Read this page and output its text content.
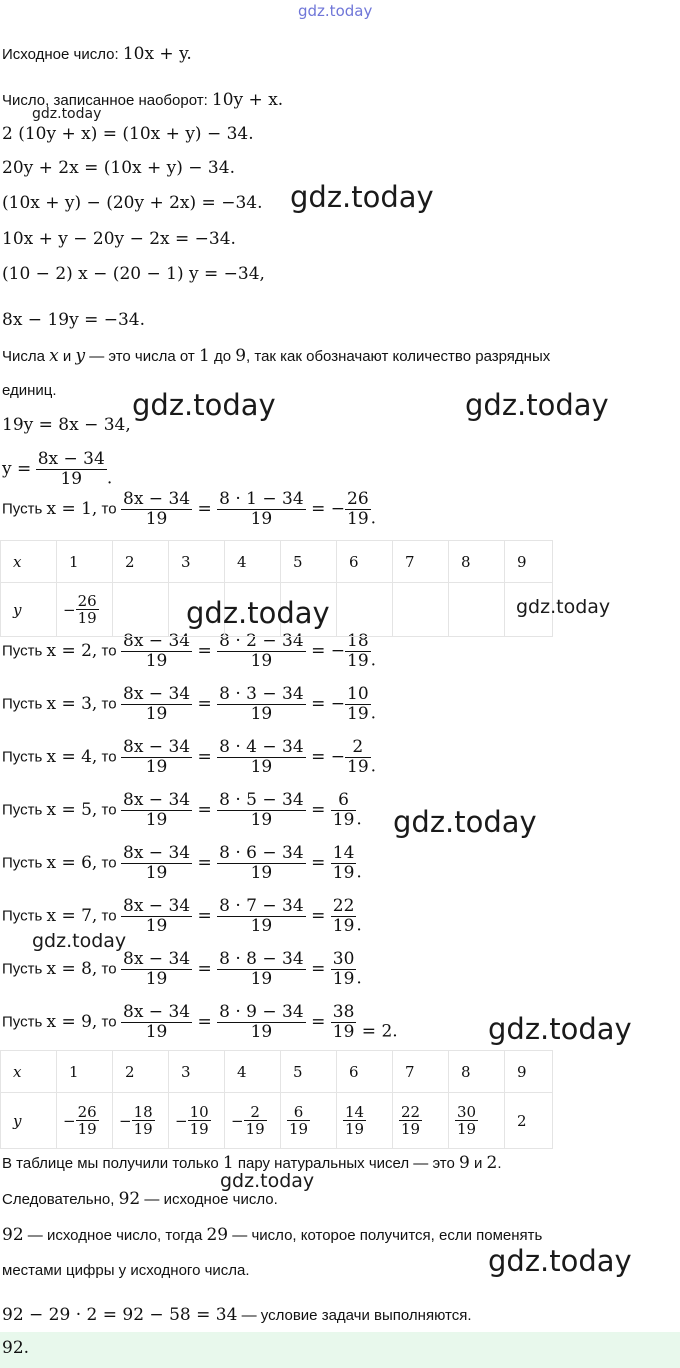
gdz.today
Исходное число: 10x + y.
Число, записанное наоборот: 10y + x.
gdz.today
2 (10y + x) = (10x + y) − 34.
20y + 2x = (10x + y) − 34.
(10x + y) − (20y + 2x) = −34. gdz.today
10x + y − 20y − 2x = −34.
(10 − 2) x − (20 − 1) y = −34,
8x − 19y = −34.
Числа x и y — это числа от 1 до 9, так как обозначают количество разрядных
единиц.	gdz.today	gdz.today
19y = 8x − 34,
$y = \frac{8x - 34}{19}$ .
Пусть x = 1, то $\frac{8x - 34}{19} = \frac{8 \cdot 1 - 34}{19}$ = − $\frac{26}{19}$ .
Пусть x = 2, то $\frac{8x - 34}{19} = \frac{8 \cdot 2 - 34}{19}$ = − $\frac{18}{19}$ .
Пусть x = 3, то $\frac{8x - 34}{19} = \frac{8 \cdot 3 - 34}{19}$ = − $\frac{10}{19}$ .
Пусть x = 4, то $\frac{8x - 34}{19} = \frac{8 \cdot 4 - 34}{19}$ = − $\frac{2}{19}$ .
Пусть x = 5, то $\frac{8x - 34}{19} = \frac{8 \cdot 5 - 34}{19} = \frac{6}{19}$ .
Пусть x = 6, то $\frac{8x - 34}{19} = \frac{8 \cdot 6 - 34}{19} = \frac{14}{19}$ .
Пусть x = 7, то $\frac{8x - 34}{19} = \frac{8 \cdot 7 - 34}{19} = \frac{22}{19}$ .
Пусть x = 8, то $\frac{8x - 34}{19} = \frac{8 \cdot 8 - 34}{19} = \frac{30}{19}$ .
Пусть x = 9, то $\frac{8x - 34}{19} = \frac{8 \cdot 9 - 34}{19} = \frac{38}{19} = 2$.
x	1	2	3	4	5	6	7	8	9
y	− $\frac{26}{19}$
									gdz.today	gdz.today
gdz.today
gdz.today
gdz.today
x	1	2	3	4	5	6	7	8	9
y	− $\frac{26}{19}$	− $\frac{18}{19}$	− $\frac{10}{19}$	− $\frac{2}{19}$	$\frac{6}{19}$	$\frac{14}{19}$	$\frac{22}{19}$	$\frac{30}{19}$	2
В таблице мы получили только 1 пару натуральных чисел — это 9 и 2.
gdz.today
Следовательно, 92 — исходное число.
92 — исходное число, тогда 29 — число, которое получится, если поменять
местами цифры у исходного числа.	gdz.today
92 − 29 · 2 = 92 − 58 = 34 — условие задачи выполняются.
92.
